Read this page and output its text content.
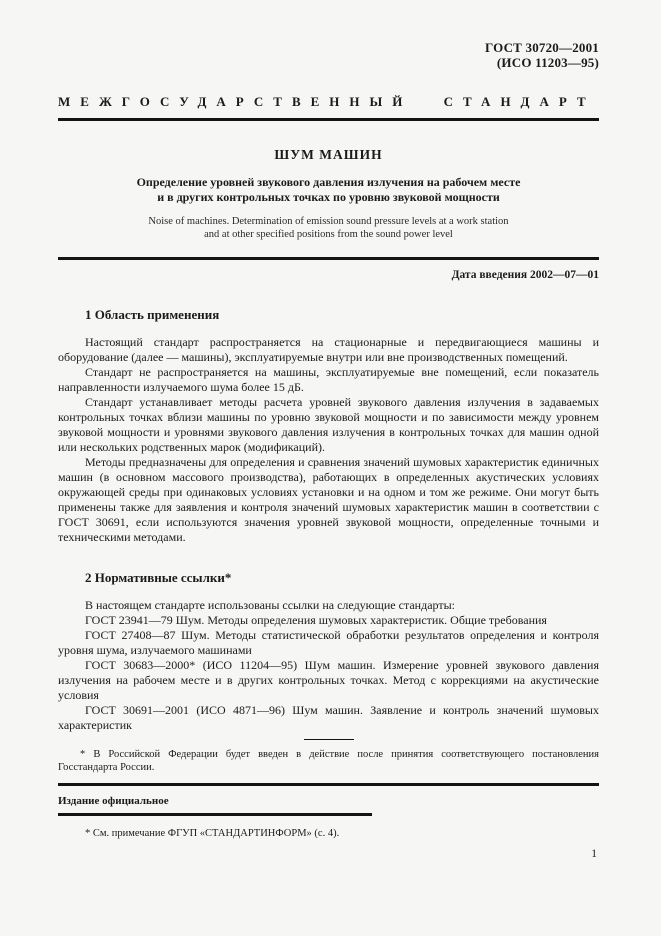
ГОСТ 30720—2001
(ИСО 11203—95)
МЕЖГОСУДАРСТВЕННЫЙ СТАНДАРТ
ШУМ МАШИН
Определение уровней звукового давления излучения на рабочем месте
и в других контрольных точках по уровню звуковой мощности
Noise of machines. Determination of emission sound pressure levels at a work station
and at other specified positions from the sound power level
Дата введения 2002—07—01
1 Область применения

Настоящий стандарт распространяется на стационарные и передвигающиеся машины и оборудование (далее — машины), эксплуатируемые внутри или вне производственных помещений.

Стандарт не распространяется на машины, эксплуатируемые вне помещений, если показатель направленности излучаемого шума более 15 дБ.

Стандарт устанавливает методы расчета уровней звукового давления излучения в задаваемых контрольных точках вблизи машины по уровню звуковой мощности и по зависимости между уровнем звуковой мощности и уровнями звукового давления излучения в контрольных точках для машин одной или нескольких родственных марок (модификаций).

Методы предназначены для определения и сравнения значений шумовых характеристик единичных машин (в основном массового производства), работающих в определенных акустических условиях окружающей среды при одинаковых условиях установки и на одном и том же режиме. Они могут быть применены также для заявления и контроля значений шумовых характеристик машин в соответствии с ГОСТ 30691, если используются значения уровней звуковой мощности, определенные точными и техническими методами.

2 Нормативные ссылки*

В настоящем стандарте использованы ссылки на следующие стандарты:

ГОСТ 23941—79 Шум. Методы определения шумовых характеристик. Общие требования

ГОСТ 27408—87 Шум. Методы статистической обработки результатов определения и контроля уровня шума, излучаемого машинами

ГОСТ 30683—2000* (ИСО 11204—95) Шум машин. Измерение уровней звукового давления излучения на рабочем месте и в других контрольных точках. Метод с коррекциями на акустические условия

ГОСТ 30691—2001 (ИСО 4871—96) Шум машин. Заявление и контроль значений шумовых характеристик

* В Российской Федерации будет введен в действие после принятия соответствующего постановления Госстандарта России.

Издание официальное

* См. примечание ФГУП «СТАНДАРТИНФОРМ» (с. 4).

1
